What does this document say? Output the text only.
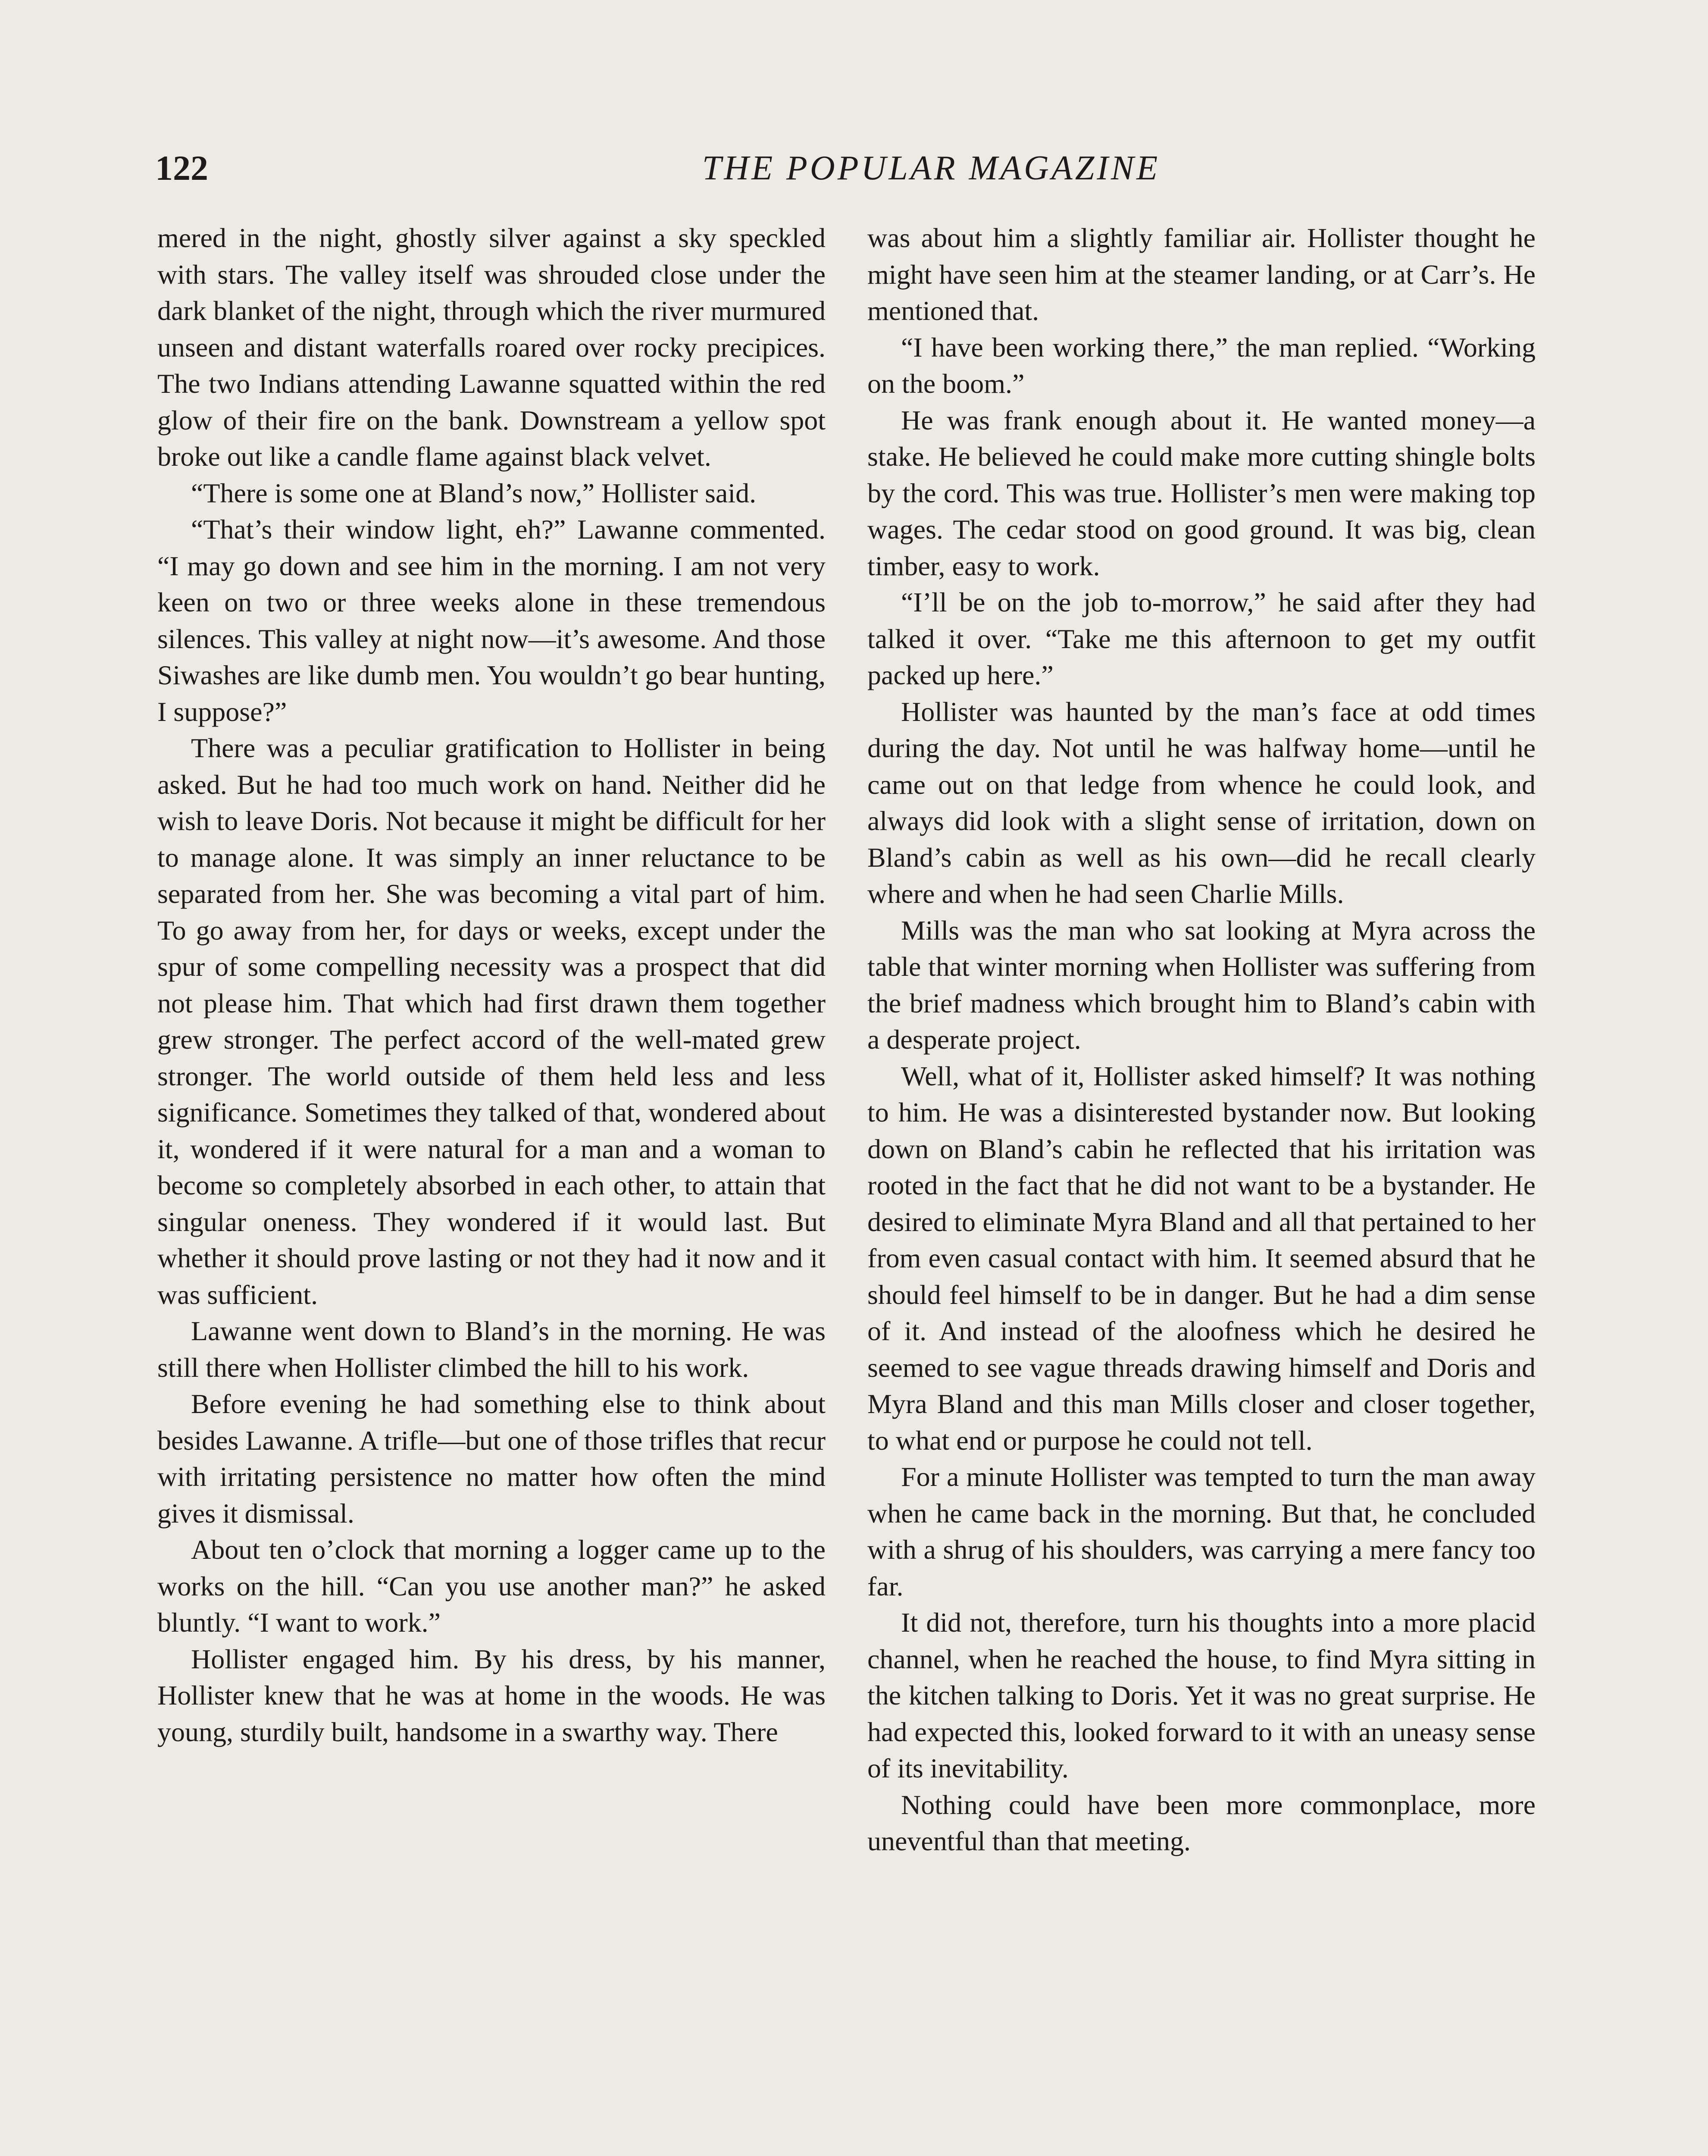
122	THE POPULAR MAGAZINE

mered in the night, ghostly silver against a sky speckled with stars. The valley itself was shrouded close under the dark blanket of the night, through which the river murmured unseen and distant waterfalls roared over rocky precipices. The two Indians attending Lawanne squatted within the red glow of their fire on the bank. Downstream a yellow spot broke out like a candle flame against black velvet.

“There is some one at Bland’s now,” Hollister said.

“That’s their window light, eh?” Lawanne commented. “I may go down and see him in the morning. I am not very keen on two or three weeks alone in these tremendous silences. This valley at night now—it’s awesome. And those Siwashes are like dumb men. You wouldn’t go bear hunting, I suppose?”

There was a peculiar gratification to Hollister in being asked. But he had too much work on hand. Neither did he wish to leave Doris. Not because it might be difficult for her to manage alone. It was simply an inner reluctance to be separated from her. She was becoming a vital part of him. To go away from her, for days or weeks, except under the spur of some compelling necessity was a prospect that did not please him. That which had first drawn them together grew stronger. The perfect accord of the well-mated grew stronger. The world outside of them held less and less significance. Sometimes they talked of that, wondered about it, wondered if it were natural for a man and a woman to become so completely absorbed in each other, to attain that singular oneness. They wondered if it would last. But whether it should prove lasting or not they had it now and it was sufficient.

Lawanne went down to Bland’s in the morning. He was still there when Hollister climbed the hill to his work.

Before evening he had something else to think about besides Lawanne. A trifle—but one of those trifles that recur with irritating persistence no matter how often the mind gives it dismissal.

About ten o’clock that morning a logger came up to the works on the hill. “Can you use another man?” he asked bluntly. “I want to work.”

Hollister engaged him. By his dress, by his manner, Hollister knew that he was at home in the woods. He was young, sturdily built, handsome in a swarthy way. There

was about him a slightly familiar air. Hollister thought he might have seen him at the steamer landing, or at Carr’s. He mentioned that.

“I have been working there,” the man replied. “Working on the boom.”

He was frank enough about it. He wanted money—a stake. He believed he could make more cutting shingle bolts by the cord. This was true. Hollister’s men were making top wages. The cedar stood on good ground. It was big, clean timber, easy to work.

“I’ll be on the job to-morrow,” he said after they had talked it over. “Take me this afternoon to get my outfit packed up here.”

Hollister was haunted by the man’s face at odd times during the day. Not until he was halfway home—until he came out on that ledge from whence he could look, and always did look with a slight sense of irritation, down on Bland’s cabin as well as his own—did he recall clearly where and when he had seen Charlie Mills.

Mills was the man who sat looking at Myra across the table that winter morning when Hollister was suffering from the brief madness which brought him to Bland’s cabin with a desperate project.

Well, what of it, Hollister asked himself? It was nothing to him. He was a disinterested bystander now. But looking down on Bland’s cabin he reflected that his irritation was rooted in the fact that he did not want to be a bystander. He desired to eliminate Myra Bland and all that pertained to her from even casual contact with him. It seemed absurd that he should feel himself to be in danger. But he had a dim sense of it. And instead of the aloofness which he desired he seemed to see vague threads drawing himself and Doris and Myra Bland and this man Mills closer and closer together, to what end or purpose he could not tell.

For a minute Hollister was tempted to turn the man away when he came back in the morning. But that, he concluded with a shrug of his shoulders, was carrying a mere fancy too far.

It did not, therefore, turn his thoughts into a more placid channel, when he reached the house, to find Myra sitting in the kitchen talking to Doris. Yet it was no great surprise. He had expected this, looked forward to it with an uneasy sense of its inevitability.

Nothing could have been more commonplace, more uneventful than that meeting.
